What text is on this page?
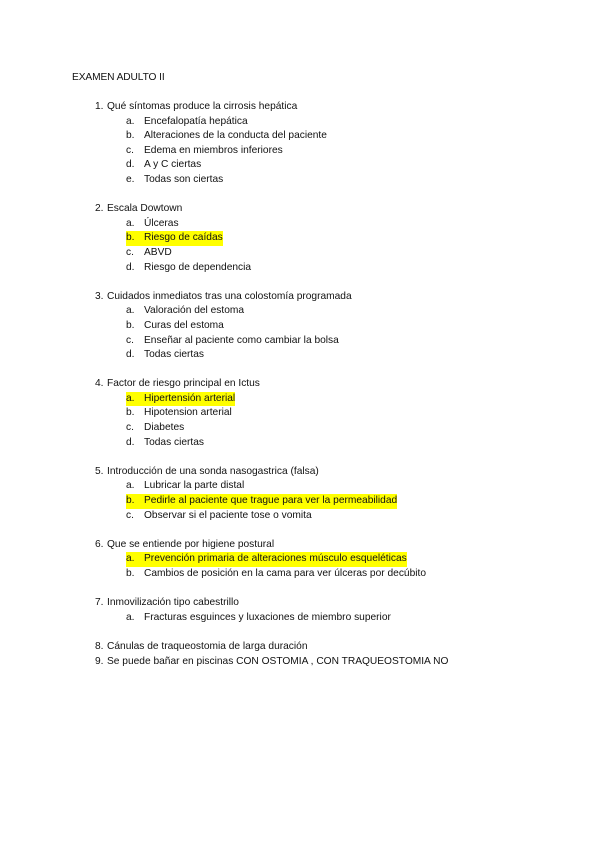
EXAMEN ADULTO II
1. Qué síntomas produce la cirrosis hepática
a. Encefalopatía hepática
b. Alteraciones de la conducta del paciente
c. Edema en miembros inferiores
d. A y C ciertas
e. Todas son ciertas
2. Escala Dowtown
a. Úlceras
b. Riesgo de caídas
c. ABVD
d. Riesgo de dependencia
3. Cuidados inmediatos tras una colostomía programada
a. Valoración del estoma
b. Curas del estoma
c. Enseñar al paciente como cambiar la bolsa
d. Todas ciertas
4. Factor de riesgo principal en Ictus
a. Hipertensión arterial
b. Hipotension arterial
c. Diabetes
d. Todas ciertas
5. Introducción de una sonda nasogastrica (falsa)
a. Lubricar la parte distal
b. Pedirle al paciente que trague para ver la permeabilidad
c. Observar si el paciente tose o vomita
6. Que se entiende por higiene postural
a. Prevención primaria de alteraciones músculo esqueléticas
b. Cambios de posición en la cama para ver úlceras por decúbito
7. Inmovilización tipo cabestrillo
a. Fracturas esguinces y luxaciones de miembro superior
8. Cánulas de traqueostomia de larga duración
9. Se puede bañar en piscinas CON OSTOMIA , CON TRAQUEOSTOMIA NO
